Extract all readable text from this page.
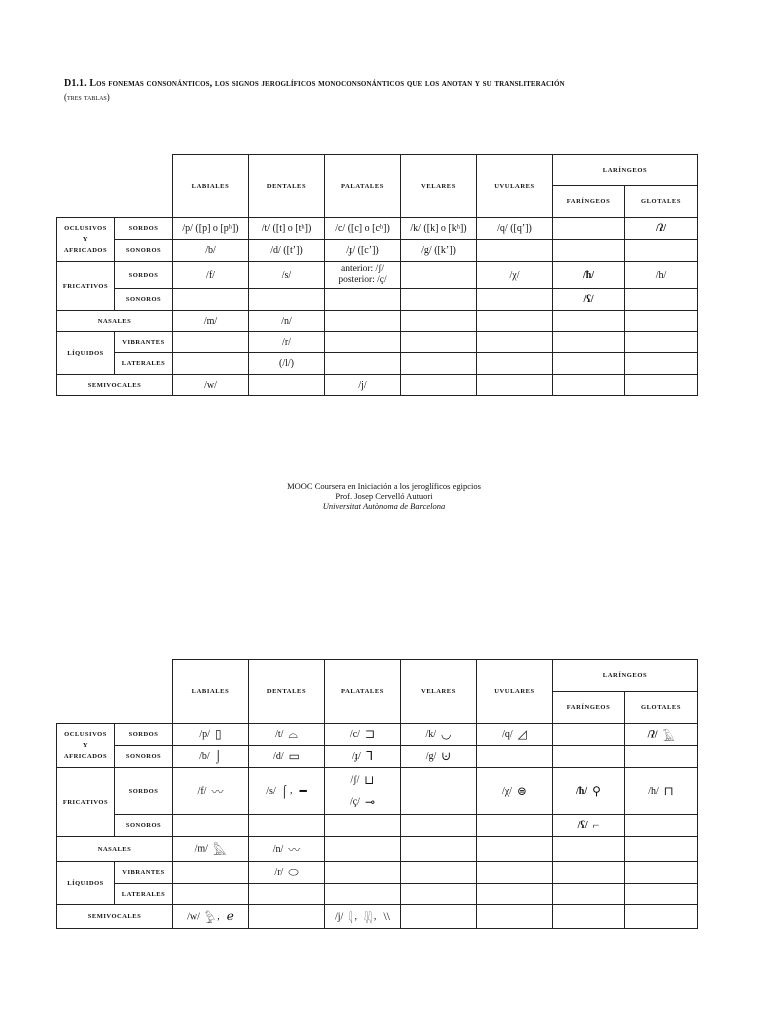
D1.1. Los fonemas consonánticos, los signos jeroglíficos monoconsonánticos que los anotan y su transliteración
(tres tablas)
		LABIALES	DENTALES	PALATALES	VELARES	UVULARES	LARÍNGEOS	
							FARÍNGEOS	GLOTALES

OCLUSIVOS
Y
AFRICADOS	SORDOS	/p/ ([p] o [pʰ])	/t/ ([t] o [tʰ])	/c/ ([c] o [cʰ])	/k/ ([k] o [kʰ])	/q/ ([qʼ])		/ʔ/
	SONOROS	/b/	/d/ ([tʼ])	/ɟ/ ([cʼ])	/g/ ([kʼ])			
FRICATIVOS	SORDOS	/f/	/s/	anterior: /ʃ/
posterior: /ç/		/χ/	/ħ/	/h/
	SONOROS						/ʕ/	
NASALES		/m/	/n/					
LÍQUIDOS	VIBRANTES		/r/					
	LATERALES		(/l/)					
SEMIVOCALES		/w/		/j/				
MOOC Coursera en Iniciación a los jeroglíficos egipcios
Prof. Josep Cervelló Autuori
Universitat Autònoma de Barcelona
		LABIALES	DENTALES	PALATALES	VELARES	UVULARES	LARÍNGEOS	
							FARÍNGEOS	GLOTALES

OCLUSIVOS
Y
AFRICADOS	SORDOS	/p/ ▯	/t/ ⌓	/c/ ⊐	/k/ ◡	/q/ ◿		/ʔ/ 𓄿
	SONOROS	/b/ ⌡	/d/ ▭	/ɟ/ ᒣ	/g/ ⊍			
FRICATIVOS	SORDOS	/f/ 〰	/s/ ⌠ , ━	/ʃ/ ⊔
/ç/ ⊸		/χ/ ⊜	/ħ/ ⚲	/h/ ⊓
	SONOROS						/ʕ/ ⌐	
NASALES		/m/ 𓅓	/n/ 〰					
LÍQUIDOS	VIBRANTES		/r/ ⬭					
	LATERALES							
SEMIVOCALES		/w/ 𓅱 , ℯ		/j/ 𓇋 , 𓇌 , \\				
